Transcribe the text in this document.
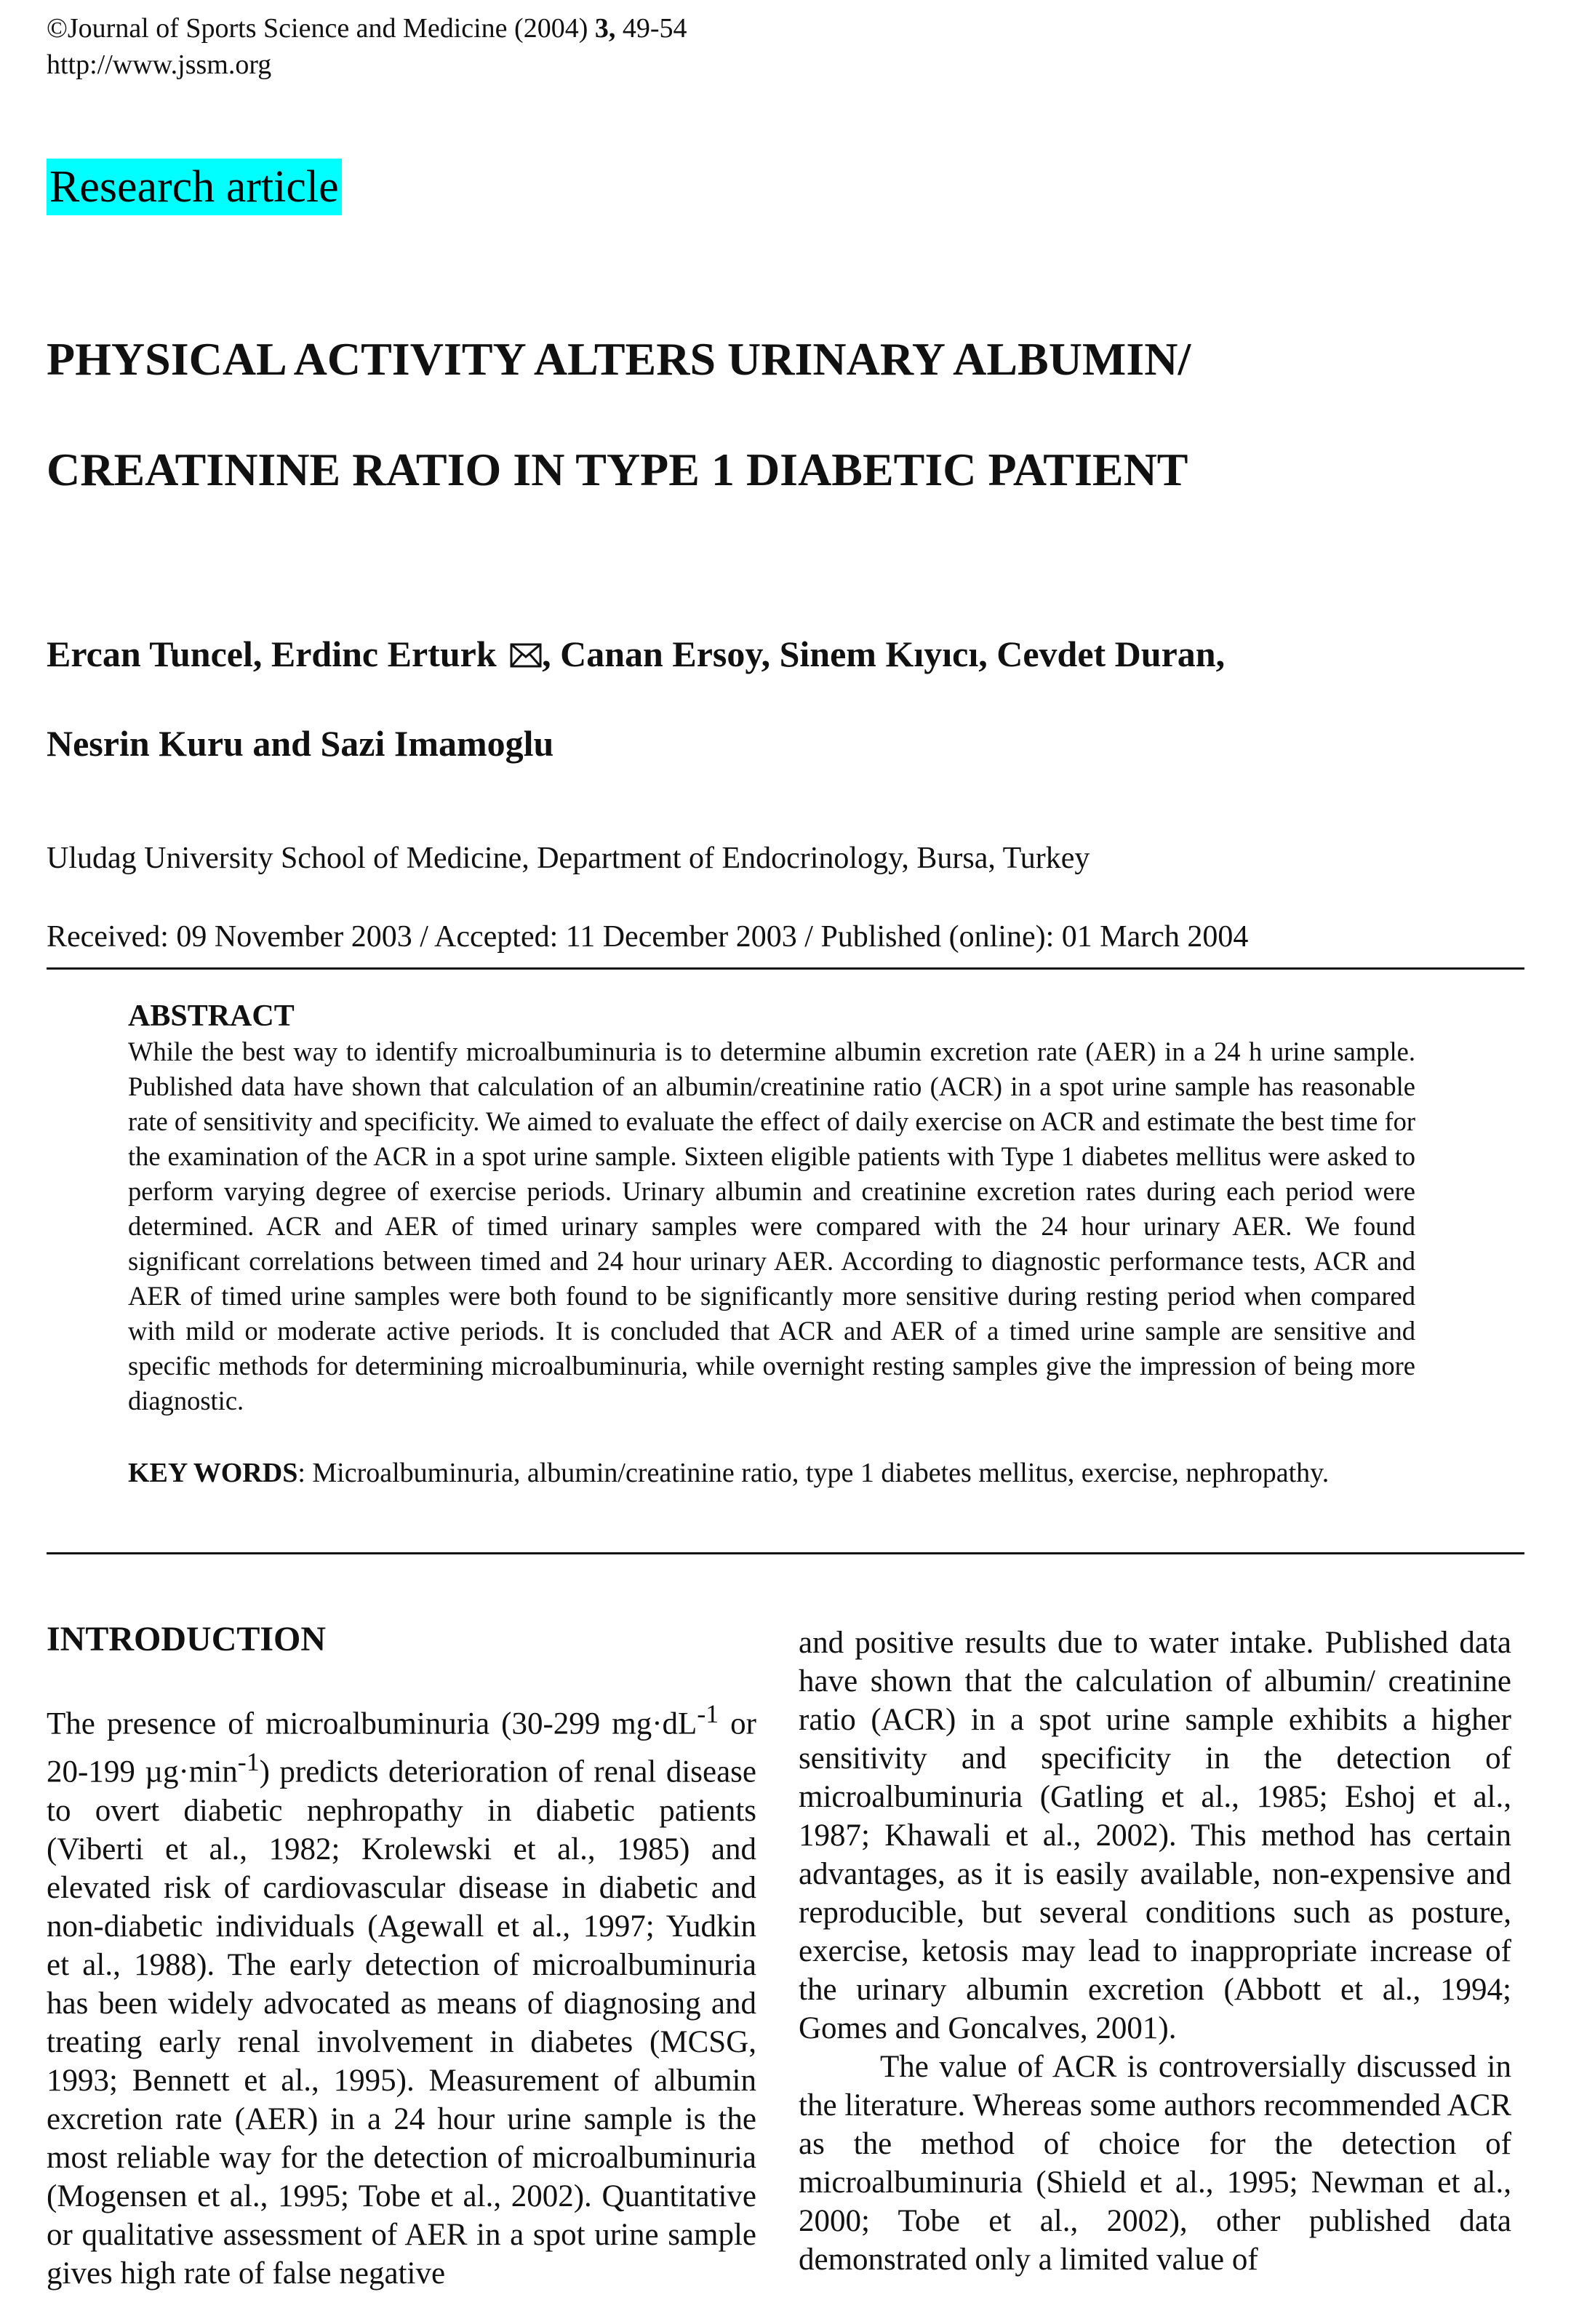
©Journal of Sports Science and Medicine (2004) 3, 49-54
http://www.jssm.org
Research article
PHYSICAL ACTIVITY ALTERS URINARY ALBUMIN/
CREATININE RATIO IN TYPE 1 DIABETIC PATIENT
Ercan Tuncel, Erdinc Erturk , Canan Ersoy, Sinem Kıyıcı, Cevdet Duran,
Nesrin Kuru and Sazi Imamoglu
Uludag University School of Medicine, Department of Endocrinology, Bursa, Turkey
Received: 09 November 2003 / Accepted: 11 December 2003 / Published (online): 01 March 2004
ABSTRACT

While the best way to identify microalbuminuria is to determine albumin excretion rate (AER) in a 24 h urine sample. Published data have shown that calculation of an albumin/creatinine ratio (ACR) in a spot urine sample has reasonable rate of sensitivity and specificity. We aimed to evaluate the effect of daily exercise on ACR and estimate the best time for the examination of the ACR in a spot urine sample. Sixteen eligible patients with Type 1 diabetes mellitus were asked to perform varying degree of exercise periods. Urinary albumin and creatinine excretion rates during each period were determined. ACR and AER of timed urinary samples were compared with the 24 hour urinary AER. We found significant correlations between timed and 24 hour urinary AER. According to diagnostic performance tests, ACR and AER of timed urine samples were both found to be significantly more sensitive during resting period when compared with mild or moderate active periods. It is concluded that ACR and AER of a timed urine sample are sensitive and specific methods for determining microalbuminuria, while overnight resting samples give the impression of being more diagnostic.

KEY WORDS: Microalbuminuria, albumin/creatinine ratio, type 1 diabetes mellitus, exercise, nephropathy.
INTRODUCTION

The presence of microalbuminuria (30-299 $mg\cdot dL^{-1}$ or 20-199 $\mu g\cdot\min^{-1}$) predicts deterioration of renal disease to overt diabetic nephropathy in diabetic patients (Viberti et al., 1982; Krolewski et al., 1985) and elevated risk of cardiovascular disease in diabetic and non-diabetic individuals (Agewall et al., 1997; Yudkin et al., 1988). The early detection of microalbuminuria has been widely advocated as means of diagnosing and treating early renal involvement in diabetes (MCSG, 1993; Bennett et al., 1995). Measurement of albumin excretion rate (AER) in a 24 hour urine sample is the most reliable way for the detection of microalbuminuria (Mogensen et al., 1995; Tobe et al., 2002). Quantitative or qualitative assessment of AER in a spot urine sample gives high rate of false negative

and positive results due to water intake. Published data have shown that the calculation of albumin/ creatinine ratio (ACR) in a spot urine sample exhibits a higher sensitivity and specificity in the detection of microalbuminuria (Gatling et al., 1985; Eshoj et al., 1987; Khawali et al., 2002). This method has certain advantages, as it is easily available, non-expensive and reproducible, but several conditions such as posture, exercise, ketosis may lead to inappropriate increase of the urinary albumin excretion (Abbott et al., 1994; Gomes and Goncalves, 2001).

The value of ACR is controversially discussed in the literature. Whereas some authors recommended ACR as the method of choice for the detection of microalbuminuria (Shield et al., 1995; Newman et al., 2000; Tobe et al., 2002), other published data demonstrated only a limited value of
